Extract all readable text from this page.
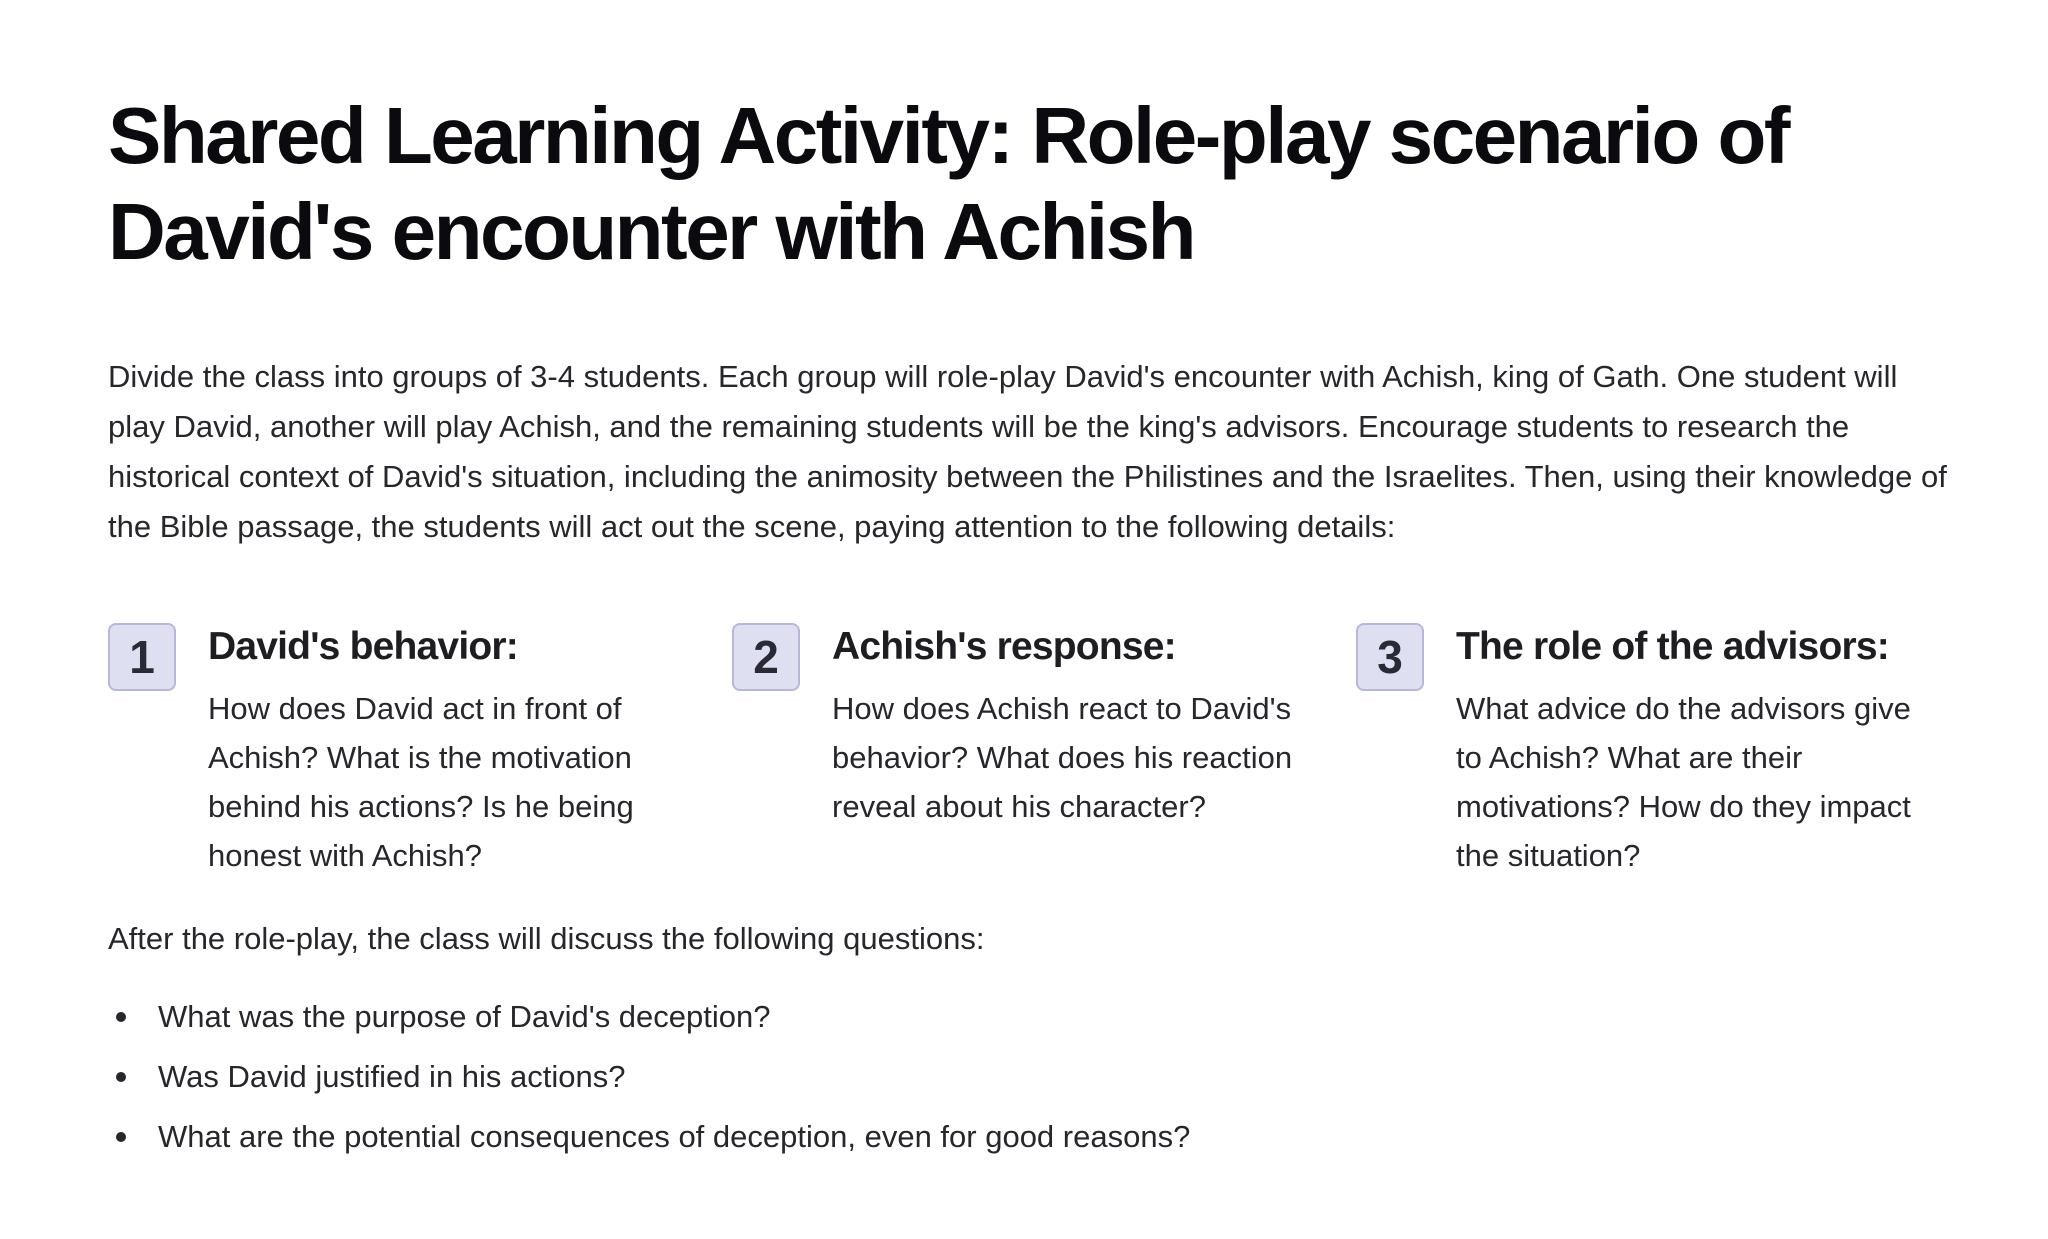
Shared Learning Activity: Role-play scenario of David's encounter with Achish

Divide the class into groups of 3-4 students. Each group will role-play David's encounter with Achish, king of Gath. One student will play David, another will play Achish, and the remaining students will be the king's advisors. Encourage students to research the historical context of David's situation, including the animosity between the Philistines and the Israelites. Then, using their knowledge of the Bible passage, the students will act out the scene, paying attention to the following details:

1	David's behavior:

How does David act in front of Achish? What is the motivation behind his actions? Is he being honest with Achish?

2	Achish's response:

How does Achish react to David's behavior? What does his reaction reveal about his character?

3	The role of the advisors:

What advice do the advisors give to Achish? What are their motivations? How do they impact the situation?

After the role-play, the class will discuss the following questions:

What was the purpose of David's deception?
Was David justified in his actions?
What are the potential consequences of deception, even for good reasons?
